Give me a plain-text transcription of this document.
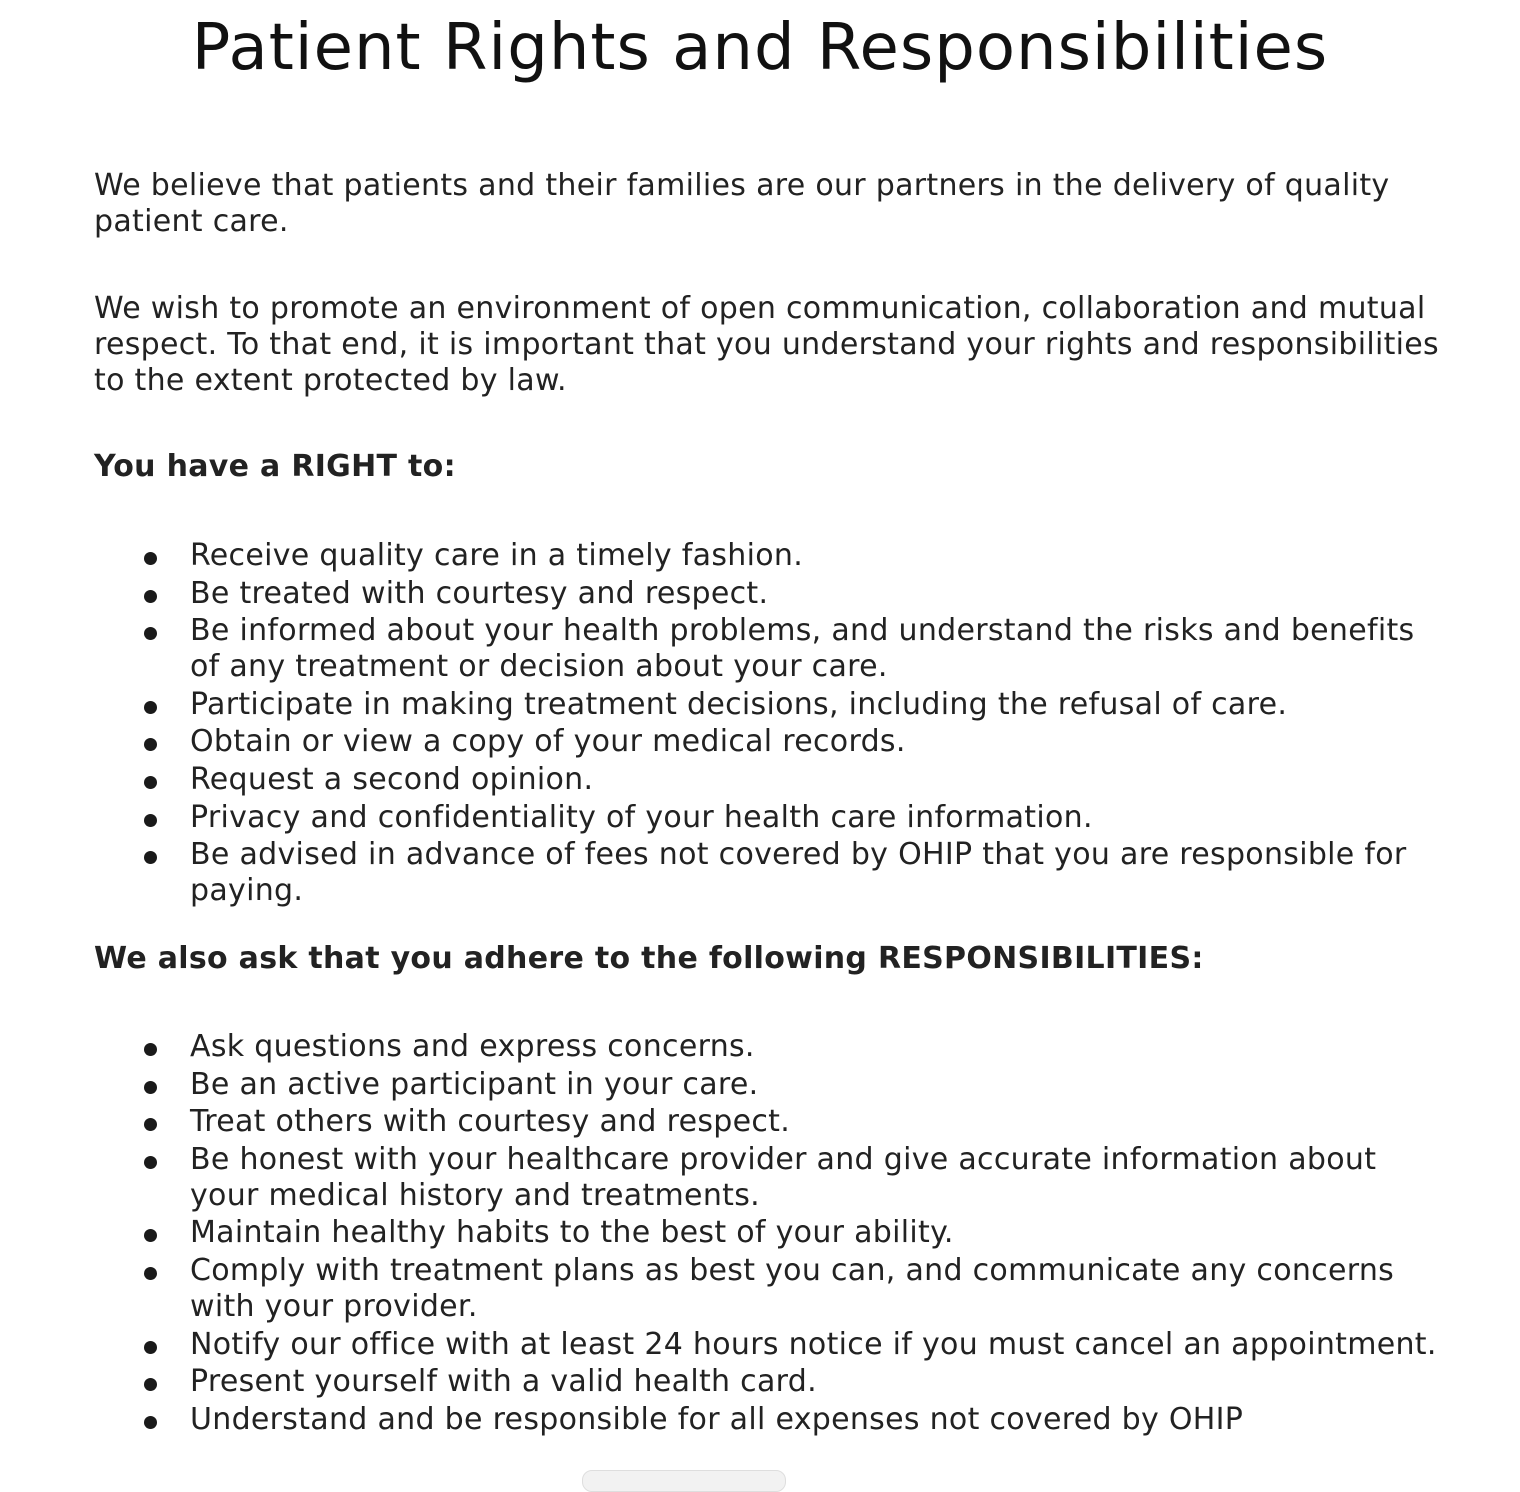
Patient Rights and Responsibilities

We believe that patients and their families are our partners in the delivery of quality patient care.

We wish to promote an environment of open communication, collaboration and mutual respect. To that end, it is important that you understand your rights and responsibilities to the extent protected by law.

You have a RIGHT to:

Receive quality care in a timely fashion.
Be treated with courtesy and respect.
Be informed about your health problems, and understand the risks and benefits of any treatment or decision about your care.
Participate in making treatment decisions, including the refusal of care.
Obtain or view a copy of your medical records.
Request a second opinion.
Privacy and confidentiality of your health care information.
Be advised in advance of fees not covered by OHIP that you are responsible for paying.

We also ask that you adhere to the following RESPONSIBILITIES:

Ask questions and express concerns.
Be an active participant in your care.
Treat others with courtesy and respect.
Be honest with your healthcare provider and give accurate information about your medical history and treatments.
Maintain healthy habits to the best of your ability.
Comply with treatment plans as best you can, and communicate any concerns with your provider.
Notify our office with at least 24 hours notice if you must cancel an appointment.
Present yourself with a valid health card.
Understand and be responsible for all expenses not covered by OHIP
